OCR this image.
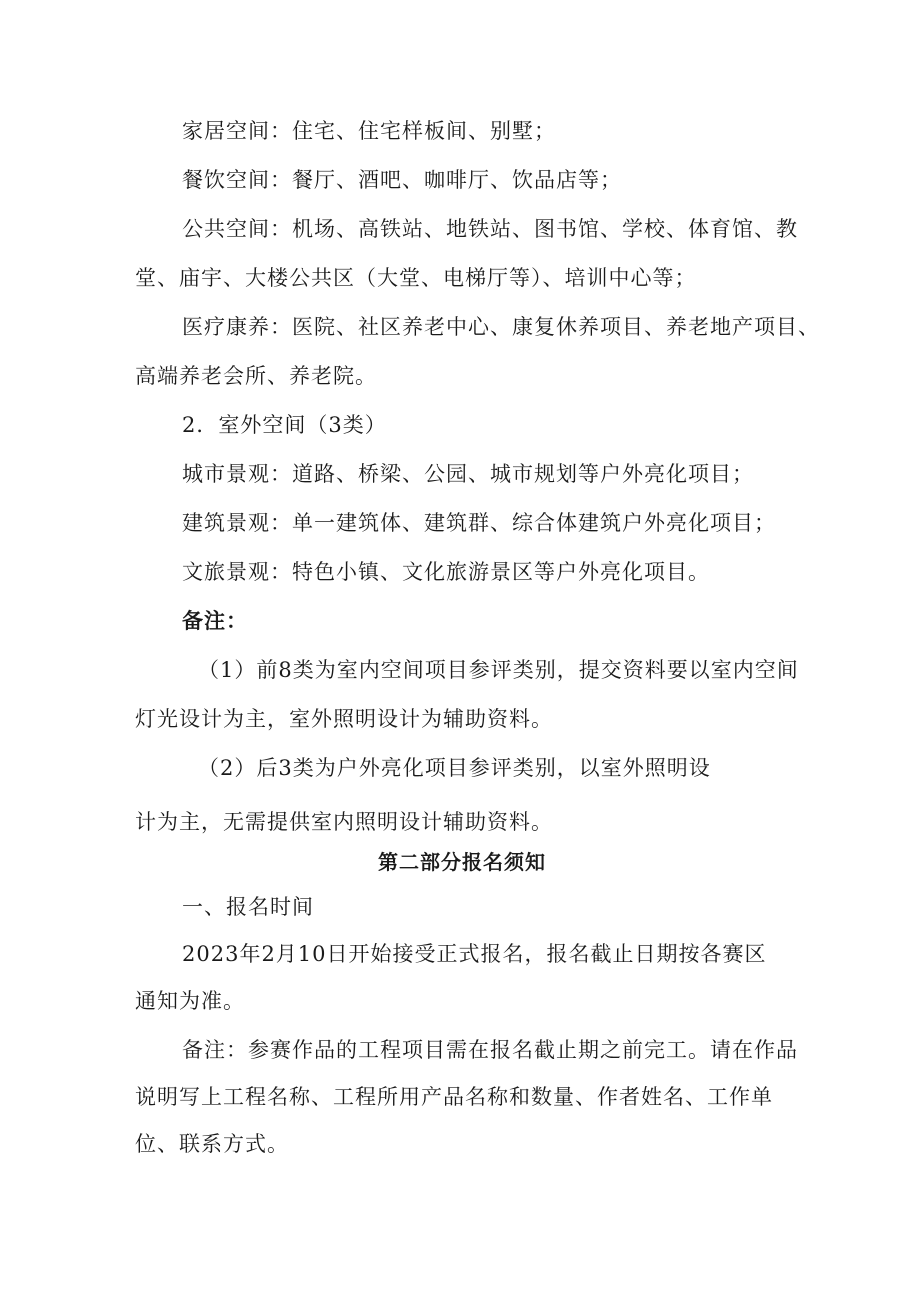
家居空间：住宅、住宅样板间、别墅；
餐饮空间：餐厅、酒吧、咖啡厅、饮品店等；
公共空间：机场、高铁站、地铁站、图书馆、学校、体育馆、教
堂、庙宇、大楼公共区（大堂、电梯厅等）、培训中心等；
医疗康养：医院、社区养老中心、康复休养项目、养老地产项目、
高端养老会所、养老院。
2．室外空间（3类）
城市景观：道路、桥梁、公园、城市规划等户外亮化项目；
建筑景观：单一建筑体、建筑群、综合体建筑户外亮化项目；
文旅景观：特色小镇、文化旅游景区等户外亮化项目。
备注：
（1）前8类为室内空间项目参评类别，提交资料要以室内空间
灯光设计为主，室外照明设计为辅助资料。
（2）后3类为户外亮化项目参评类别，以室外照明设
计为主，无需提供室内照明设计辅助资料。
第二部分报名须知
一、报名时间
2023年2月10日开始接受正式报名，报名截止日期按各赛区
通知为准。
备注：参赛作品的工程项目需在报名截止期之前完工。请在作品
说明写上工程名称、工程所用产品名称和数量、作者姓名、工作单
位、联系方式。
